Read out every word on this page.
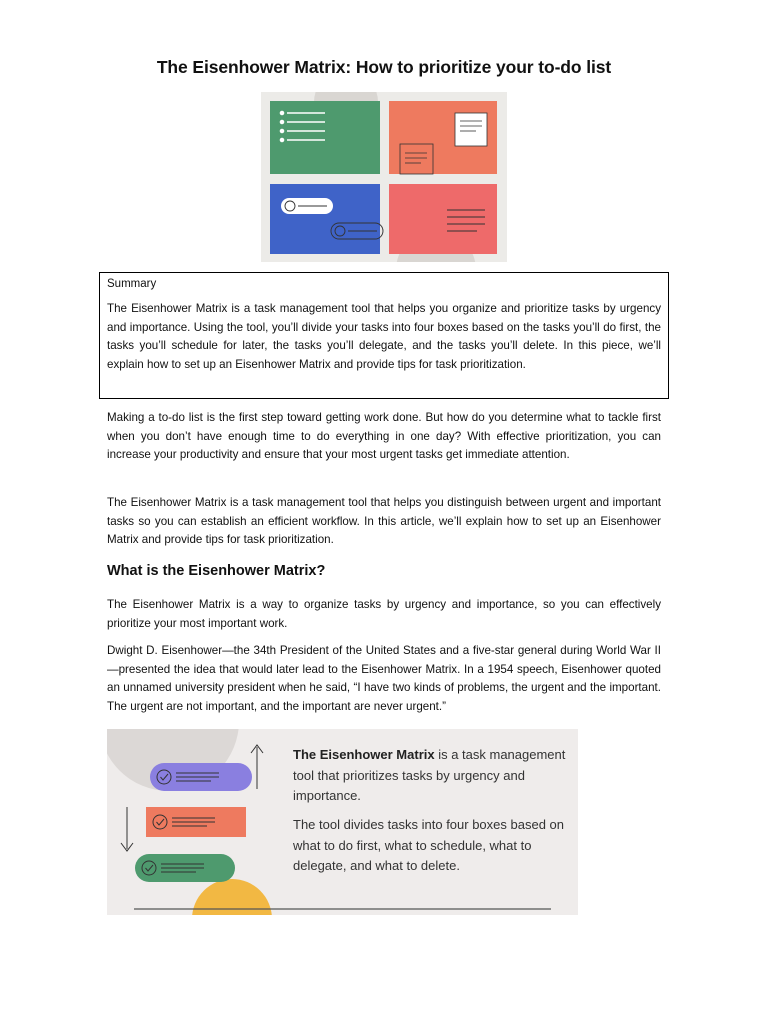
The Eisenhower Matrix: How to prioritize your to-do list

Summary

The Eisenhower Matrix is a task management tool that helps you organize and prioritize tasks by urgency and importance. Using the tool, you’ll divide your tasks into four boxes based on the tasks you’ll do first, the tasks you’ll schedule for later, the tasks you’ll delegate, and the tasks you’ll delete. In this piece, we’ll explain how to set up an Eisenhower Matrix and provide tips for task prioritization.

Making a to-do list is the first step toward getting work done. But how do you determine what to tackle first when you don’t have enough time to do everything in one day? With effective prioritization, you can increase your productivity and ensure that your most urgent tasks get immediate attention.

The Eisenhower Matrix is a task management tool that helps you distinguish between urgent and important tasks so you can establish an efficient workflow. In this article, we’ll explain how to set up an Eisenhower Matrix and provide tips for task prioritization.

What is the Eisenhower Matrix?

The Eisenhower Matrix is a way to organize tasks by urgency and importance, so you can effectively prioritize your most important work.

Dwight D. Eisenhower—the 34th President of the United States and a five-star general during World War II—presented the idea that would later lead to the Eisenhower Matrix. In a 1954 speech, Eisenhower quoted an unnamed university president when he said, “I have two kinds of problems, the urgent and the important. The urgent are not important, and the important are never urgent.”

The Eisenhower Matrix is a task management tool that prioritizes tasks by urgency and importance.
The tool divides tasks into four boxes based on what to do first, what to schedule, what to delegate, and what to delete.
